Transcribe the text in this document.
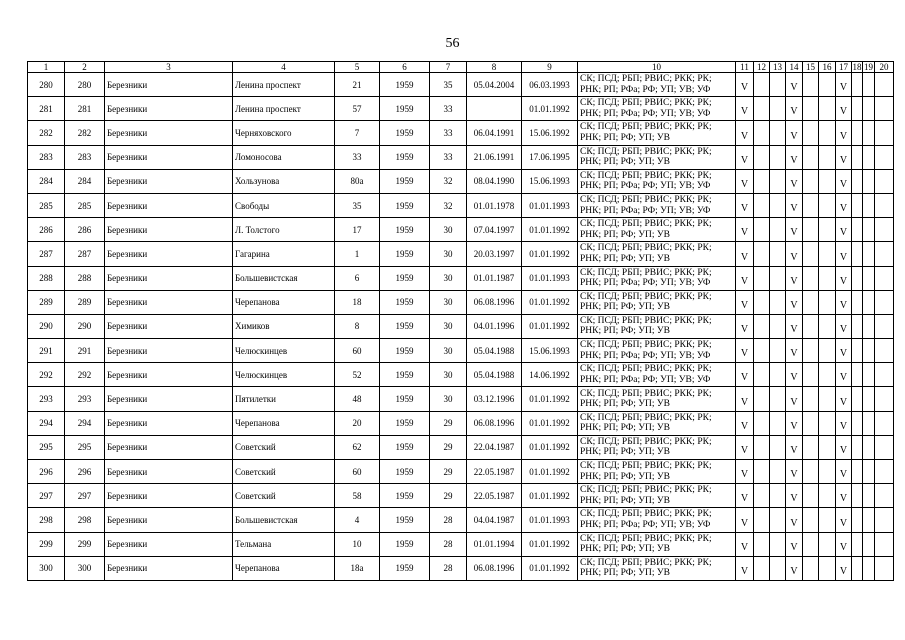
56
1	2	3	4	5	6	7	8	9	10	11	12	13	14	15	16	17	18	19	20
280	280	Березники	Ленина проспект	21	1959	35	05.04.2004	06.03.1993	СК; ПСД; РБП; РВИС; РКК; РК; РНК; РП; РФа; РФ; УП; УВ; УФ	V			V			V			
281	281	Березники	Ленина проспект	57	1959	33		01.01.1992	СК; ПСД; РБП; РВИС; РКК; РК; РНК; РП; РФа; РФ; УП; УВ; УФ	V			V			V			
282	282	Березники	Черняховского	7	1959	33	06.04.1991	15.06.1992	СК; ПСД; РБП; РВИС; РКК; РК; РНК; РП; РФ; УП; УВ	V			V			V			
283	283	Березники	Ломоносова	33	1959	33	21.06.1991	17.06.1995	СК; ПСД; РБП; РВИС; РКК; РК; РНК; РП; РФ; УП; УВ	V			V			V			
284	284	Березники	Хользунова	80а	1959	32	08.04.1990	15.06.1993	СК; ПСД; РБП; РВИС; РКК; РК; РНК; РП; РФа; РФ; УП; УВ; УФ	V			V			V			
285	285	Березники	Свободы	35	1959	32	01.01.1978	01.01.1993	СК; ПСД; РБП; РВИС; РКК; РК; РНК; РП; РФа; РФ; УП; УВ; УФ	V			V			V			
286	286	Березники	Л. Толстого	17	1959	30	07.04.1997	01.01.1992	СК; ПСД; РБП; РВИС; РКК; РК; РНК; РП; РФ; УП; УВ	V			V			V			
287	287	Березники	Гагарина	1	1959	30	20.03.1997	01.01.1992	СК; ПСД; РБП; РВИС; РКК; РК; РНК; РП; РФ; УП; УВ	V			V			V			
288	288	Березники	Большевистская	6	1959	30	01.01.1987	01.01.1993	СК; ПСД; РБП; РВИС; РКК; РК; РНК; РП; РФа; РФ; УП; УВ; УФ	V			V			V			
289	289	Березники	Черепанова	18	1959	30	06.08.1996	01.01.1992	СК; ПСД; РБП; РВИС; РКК; РК; РНК; РП; РФ; УП; УВ	V			V			V			
290	290	Березники	Химиков	8	1959	30	04.01.1996	01.01.1992	СК; ПСД; РБП; РВИС; РКК; РК; РНК; РП; РФ; УП; УВ	V			V			V			
291	291	Березники	Челюскинцев	60	1959	30	05.04.1988	15.06.1993	СК; ПСД; РБП; РВИС; РКК; РК; РНК; РП; РФа; РФ; УП; УВ; УФ	V			V			V			
292	292	Березники	Челюскинцев	52	1959	30	05.04.1988	14.06.1992	СК; ПСД; РБП; РВИС; РКК; РК; РНК; РП; РФа; РФ; УП; УВ; УФ	V			V			V			
293	293	Березники	Пятилетки	48	1959	30	03.12.1996	01.01.1992	СК; ПСД; РБП; РВИС; РКК; РК; РНК; РП; РФ; УП; УВ	V			V			V			
294	294	Березники	Черепанова	20	1959	29	06.08.1996	01.01.1992	СК; ПСД; РБП; РВИС; РКК; РК; РНК; РП; РФ; УП; УВ	V			V			V			
295	295	Березники	Советский	62	1959	29	22.04.1987	01.01.1992	СК; ПСД; РБП; РВИС; РКК; РК; РНК; РП; РФ; УП; УВ	V			V			V			
296	296	Березники	Советский	60	1959	29	22.05.1987	01.01.1992	СК; ПСД; РБП; РВИС; РКК; РК; РНК; РП; РФ; УП; УВ	V			V			V			
297	297	Березники	Советский	58	1959	29	22.05.1987	01.01.1992	СК; ПСД; РБП; РВИС; РКК; РК; РНК; РП; РФ; УП; УВ	V			V			V			
298	298	Березники	Большевистская	4	1959	28	04.04.1987	01.01.1993	СК; ПСД; РБП; РВИС; РКК; РК; РНК; РП; РФа; РФ; УП; УВ; УФ	V			V			V			
299	299	Березники	Тельмана	10	1959	28	01.01.1994	01.01.1992	СК; ПСД; РБП; РВИС; РКК; РК; РНК; РП; РФ; УП; УВ	V			V			V			
300	300	Березники	Черепанова	18а	1959	28	06.08.1996	01.01.1992	СК; ПСД; РБП; РВИС; РКК; РК; РНК; РП; РФ; УП; УВ	V			V			V			
